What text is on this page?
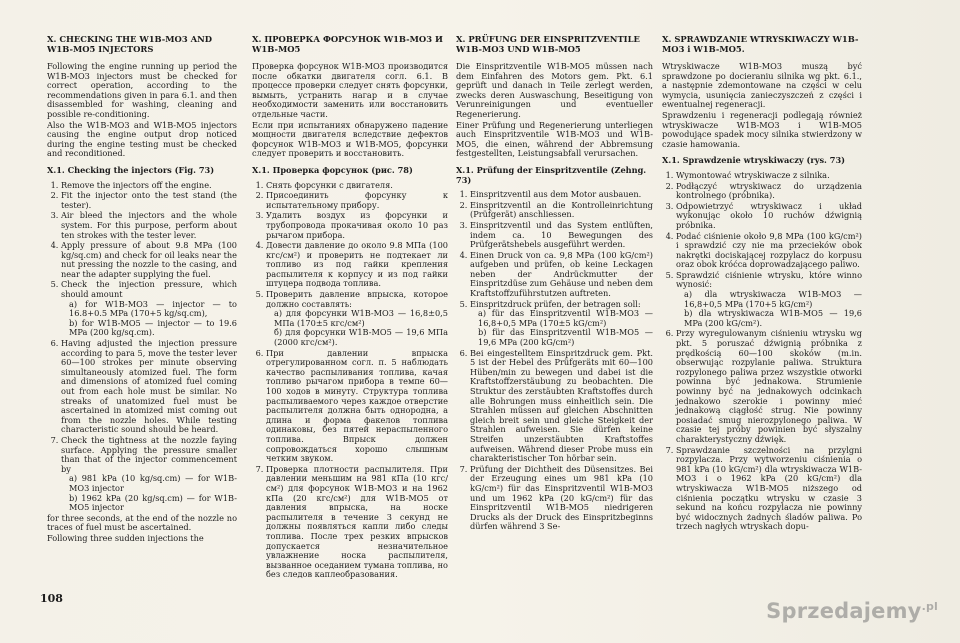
X. CHECKING THE W1B-MO3 AND W1B-MO5 INJECTORS

Following the engine running up period the W1B-MO3 injectors must be checked for correct operation, according to the recommendations given in para 6.1. and then disassembled for washing, cleaning and possible re-conditioning.

Also the W1B-MO3 and W1B-MO5 injectors causing the engine output drop noticed during the engine testing must be checked and reconditioned.

X.1. Checking the injectors (Fig. 73)
1. Remove the injectors off the engine.
2. Fit the injector onto the test stand (the tester).
3. Air bleed the injectors and the whole system. For this purpose, perform about ten strokes with the tester lever.
4. Apply pressure of about 9.8 MPa (100 kg/sq.cm) and check for oil leaks near the nut pressing the nozzle to the casing, and near the adapter supplying the fuel.
5. Check the injection pressure, which should amount
a) for W1B-MO3 — injector — to 16.8+0.5 MPa (170+5 kg/sq.cm),
b) for W1B-MO5 — injector — to 19.6 MPa (200 kg/sq.cm).
6. Having adjusted the injection pressure according to para 5, move the tester lever 60—100 strokes per minute observing simultaneously atomized fuel. The form and dimensions of atomized fuel coming out from each hole must be similar. No streaks of unatomized fuel must be ascertained in atomized mist coming out from the nozzle holes. While testing characteristic sound should be heard.
7. Check the tightness at the nozzle faying surface. Applying the pressure smaller than that of the injector commencement by
a) 981 kPa (10 kg/sq.cm) — for W1B-MO3 injector
b) 1962 kPa (20 kg/sq.cm) — for W1B-MO5 injector

for three seconds, at the end of the nozzle no traces of fuel must be ascertained.

Following three sudden injections the

X. ПРОВЕРКА ФОРСУНОК W1B-MO3 И W1B-MO5

Проверка форсунок W1B-MO3 производится после обкатки двигателя согл. 6.1. В процессе проверки следует снять форсунки, вымыть, устранить нагар и в случае необходимости заменить или восстановить отдельные части.

Если при испытаниях обнаружено падение мощности двигателя вследствие дефектов форсунок W1B-MO3 и W1B-MO5, форсунки следует проверить и восстановить.

X.1. Проверка форсунок (рис. 78)
1. Снять форсунки с двигателя.
2. Присоединить форсунку к испытательному прибору.
3. Удалить воздух из форсунки и трубопровода прокачивая около 10 раз рычагом прибора.
4. Довести давление до около 9.8 МПа (100 кгс/см²) и проверить не подтекает ли топливо из под гайки крепления распылителя к корпусу и из под гайки штуцера подвода топлива.
5. Проверить давление впрыска, которое должно составлять:
а) для форсунки W1B-MO3 — 16,8±0,5 МПа (170±5 кгс/см²)
б) для форсунки W1B-MO5 — 19,6 МПа (2000 кгс/см²).
6. При давлении впрыска отрегулированном согл. п. 5 наблюдать качество распыливания топлива, качая топливо рычагом прибора в темпе 60—100 ходов в минуту. Структура топлива распыливаемого через каждое отверстие распылителя должна быть однородна, а длина и форма факелов топлива одинаковы, без пятей нераспыленного топлива. Впрыск должен сопровождаться хорошо слышным четким звуком.
7. Проверка плотности распылителя. При давлении меньшим на 981 кПа (10 кгс/см²) для форсунок W1B-MO3 и на 1962 кПа (20 кгс/см²) для W1B-MO5 от давления впрыска, на носке распылителя в течение 3 секунд не должны появляться капли либо следы топлива. После трех резких впрысков допускается незначительное увлажнение носка распылителя, вызванное оседанием тумана топлива, но без следов каплеобразования.
X. PRÜFUNG DER EINSPRITZVENTILE W1B-MO3 UND W1B-MO5

Die Einspritzventile W1B-MO5 müssen nach dem Einfahren des Motors gem. Pkt. 6.1 geprüft und danach in Teile zerlegt werden, zwecks deren Auswaschung, Beseitigung von Verunreinigungen und eventueller Regenerierung.

Einer Prüfung und Regenerierung unterliegen auch Einspritzventile W1B-MO3 und W1B-MO5, die einen, während der Abbremsung festgestellten, Leistungsabfall verursachen.

X.1. Prüfung der Einspritzventile (Zehng. 73)
1. Einspritzventil aus dem Motor ausbauen.
2. Einspritzventil an die Kontrolleinrichtung (Prüfgerät) anschliessen.
3. Einspritzventil und das System entlüften, indem ca. 10 Bewegungen des Prüfgerätshebels ausgeführt werden.
4. Einen Druck von ca. 9,8 MPa (100 kG/cm²) aufgeben und prüfen, ob keine Leckagen neben der Andrückmutter der Einspritzdüse zum Gehäuse und neben dem Kraftstoffzuführstutzen auftreten.
5. Einspritzdruck prüfen, der betragen soll:
a) für das Einspritzventil W1B-MO3 — 16,8+0,5 MPa (170±5 kG/cm²)
b) für das Einspritzventil W1B-MO5 — 19,6 MPa (200 kG/cm²)
6. Bei eingestelltem Einspritzdruck gem. Pkt. 5 ist der Hebel des Prüfgeräts mit 60—100 Hüben/min zu bewegen und dabei ist die Kraftstoffzerstäubung zu beobachten. Die Struktur des zerstäubten Kraftstoffes durch alle Bohrungen muss einheitlich sein. Die Strahlen müssen auf gleichen Abschnitten gleich breit sein und gleiche Steigkeit der Strahlen aufweisen. Sie dürfen keine Streifen unzerstäubten Kraftstoffes aufweisen. Während dieser Probe muss ein charakteristischer Ton hörbar sein.
7. Prüfung der Dichtheit des Düsensitzes. Bei der Erzeugung eines um 981 kPa (10 kG/cm²) für das Einspritzventil W1B-MO3 und um 1962 kPa (20 kG/cm²) für das Einspritzventil W1B-MO5 niedrigeren Drucks als der Druck des Einspritzbeginns dürfen während 3 Se-
X. SPRAWDZANIE WTRYSKIWACZY W1B-MO3 i W1B-MO5.

Wtryskiwacze W1B-MO3 muszą być sprawdzone po docieraniu silnika wg pkt. 6.1., a następnie zdemontowane na części w celu wymycia, usunięcia zanieczyszczeń z części i ewentualnej regeneracji.

Sprawdzeniu i regeneracji podlegają również wtryskiwacze W1B-MO3 i W1B-MO5 powodujące spadek mocy silnika stwierdzony w czasie hamowania.

X.1. Sprawdzenie wtryskiwaczy (rys. 73)
1. Wymontować wtryskiwacze z silnika.
2. Podłączyć wtryskiwacz do urządzenia kontrolnego (próbnika).
3. Odpowietrzyć wtryskiwacz i układ wykonując około 10 ruchów dźwignią próbnika.
4. Podać ciśnienie około 9,8 MPa (100 kG/cm²) i sprawdzić czy nie ma przecieków obok nakrętki dociskającej rozpylacz do korpusu oraz obok króćca doprowadzającego paliwo.
5. Sprawdzić ciśnienie wtrysku, które winno wynosić:
a) dla wtryskiwacza W1B-MO3 — 16,8+0,5 MPa (170+5 kG/cm²)
b) dla wtryskiwacza W1B-MO5 — 19,6 MPa (200 kG/cm²).
6. Przy wyregulowanym ciśnieniu wtrysku wg pkt. 5 poruszać dźwignią próbnika z prędkością 60—100 skoków (m.in. obserwując rozpylanie paliwa. Struktura rozpylonego paliwa przez wszystkie otworki powinna być jednakowa. Strumienie powinny być na jednakowych odcinkach jednakowo szerokie i powinny mieć jednakową ciągłość strug. Nie powinny posiadać smug nierozpylonego paliwa. W czasie tej próby powinien być słyszalny charakterystyczny dźwięk.
7. Sprawdzanie szczelności na przylgni rozpylacza. Przy wytworzeniu ciśnienia o 981 kPa (10 kG/cm²) dla wtryskiwacza W1B-MO3 i o 1962 kPa (20 kG/cm²) dla wtryskiwacza W1B-MO5 niższego od ciśnienia początku wtrysku w czasie 3 sekund na końcu rozpylacza nie powinny być widocznych żadnych śladów paliwa. Po trzech nagłych wtryskach dopu-
108
Sprzedajemy$^{.pl}$
